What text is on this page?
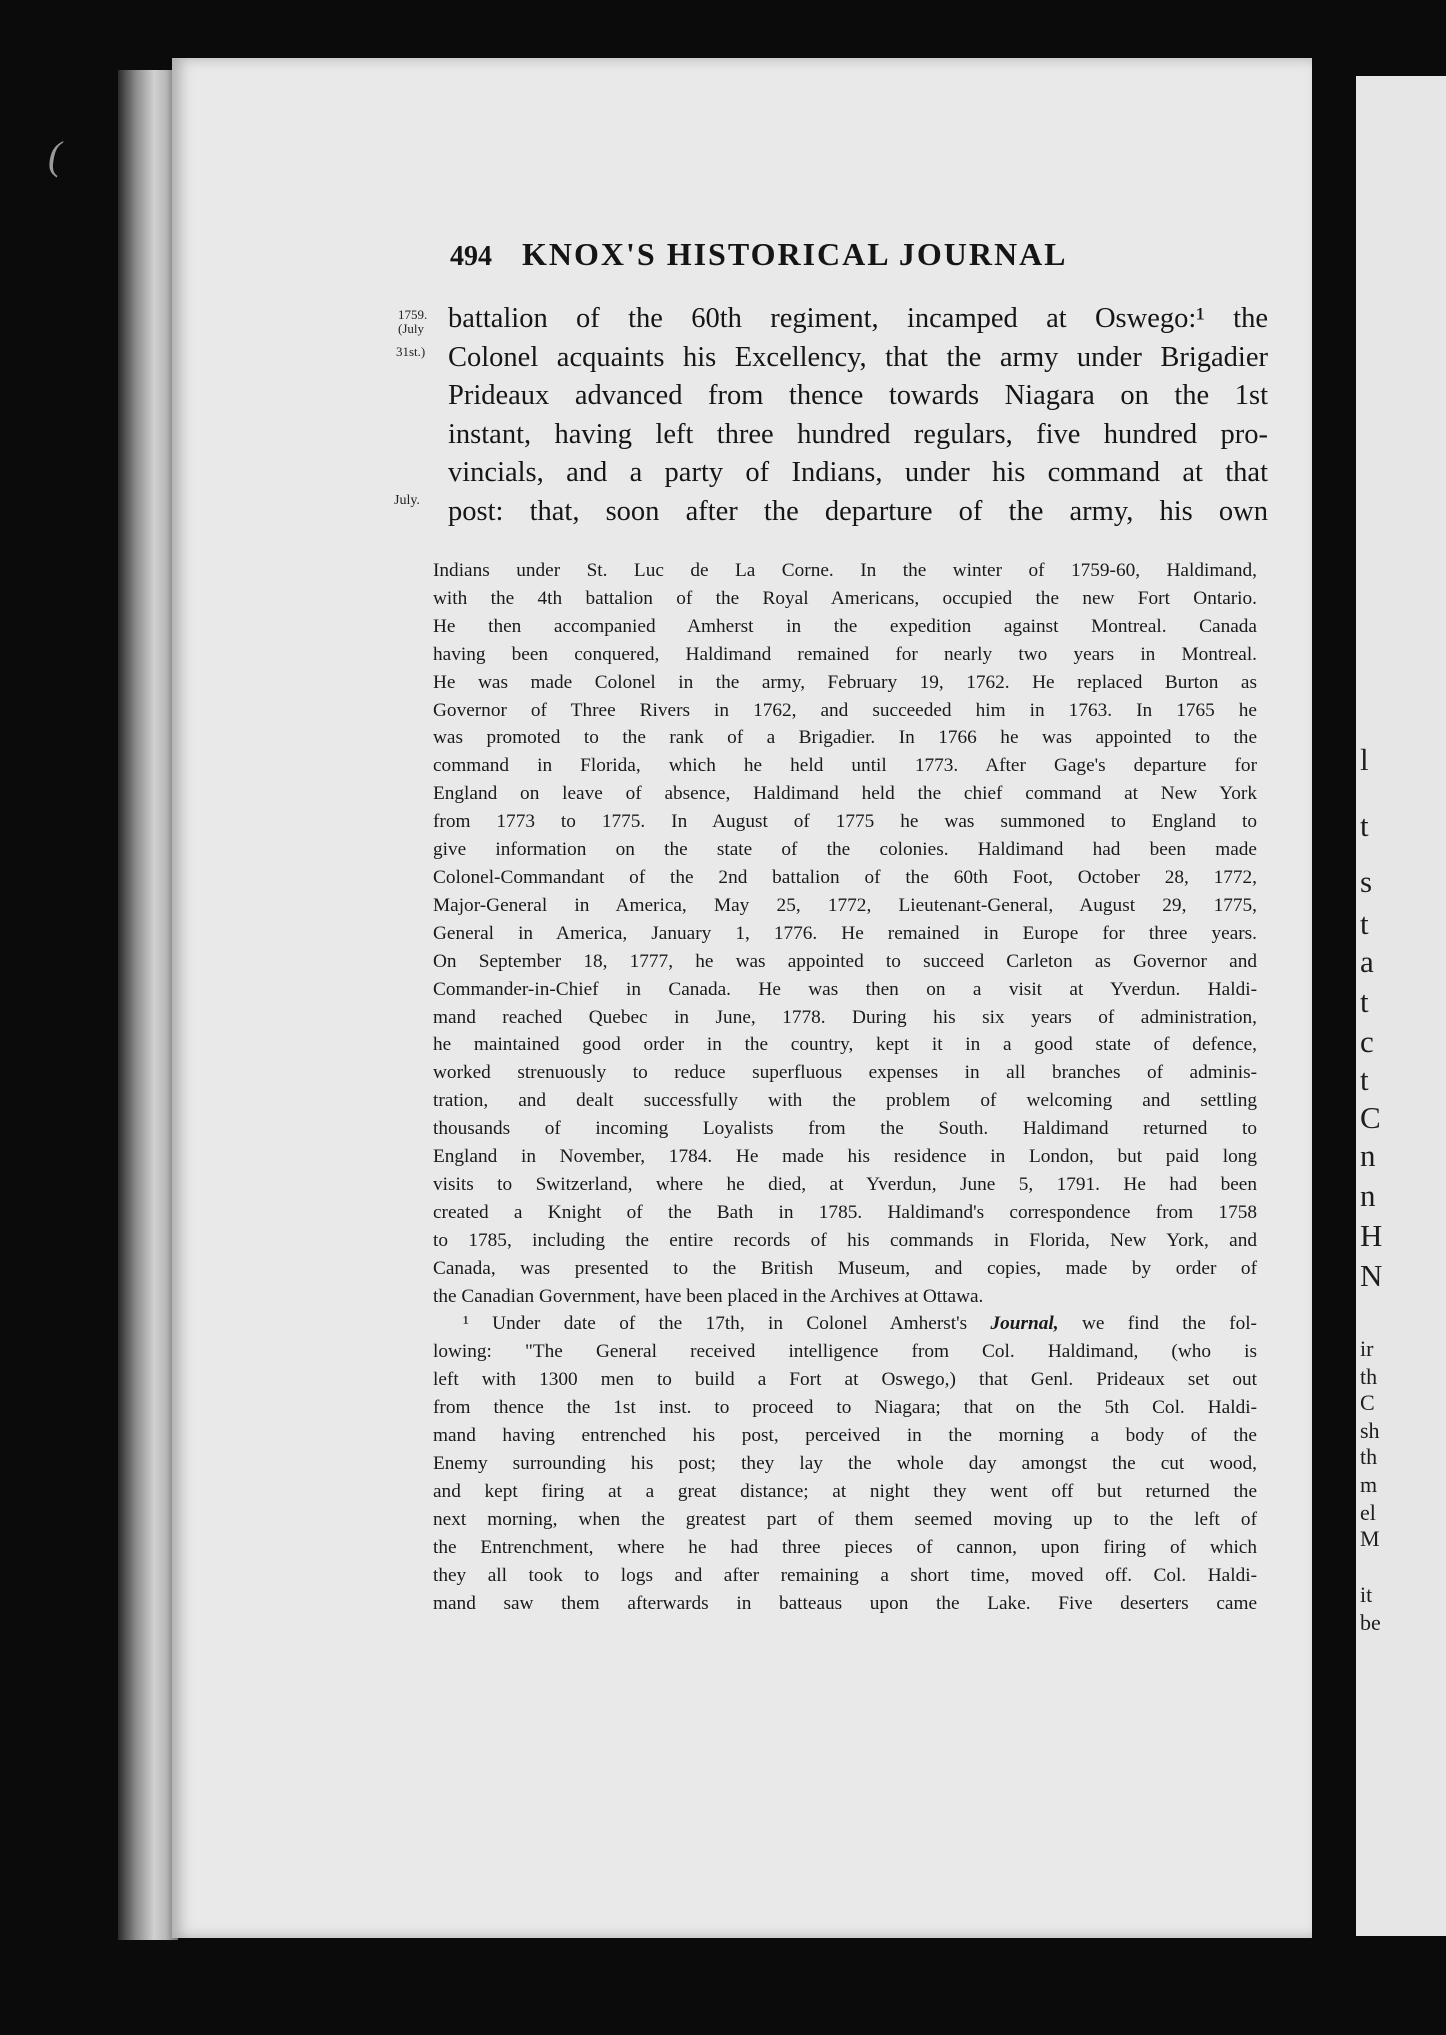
(
l
t
s
t
a
t
c
t
C
n
n
H
N
ir
th
C
sh
th
m
el
M
it
be
494 KNOX'S HISTORICAL JOURNAL
1759.
(July
31st.)
July.
battalion of the 60th regiment, incamped at Oswego:¹ the
Colonel acquaints his Excellency, that the army under Brigadier
Prideaux advanced from thence towards Niagara on the 1st
instant, having left three hundred regulars, five hundred pro-
vincials, and a party of Indians, under his command at that
post: that, soon after the departure of the army, his own
Indians under St. Luc de La Corne. In the winter of 1759-60, Haldimand,
with the 4th battalion of the Royal Americans, occupied the new Fort Ontario.
He then accompanied Amherst in the expedition against Montreal. Canada
having been conquered, Haldimand remained for nearly two years in Montreal.
He was made Colonel in the army, February 19, 1762. He replaced Burton as
Governor of Three Rivers in 1762, and succeeded him in 1763. In 1765 he
was promoted to the rank of a Brigadier. In 1766 he was appointed to the
command in Florida, which he held until 1773. After Gage's departure for
England on leave of absence, Haldimand held the chief command at New York
from 1773 to 1775. In August of 1775 he was summoned to England to
give information on the state of the colonies. Haldimand had been made
Colonel-Commandant of the 2nd battalion of the 60th Foot, October 28, 1772,
Major-General in America, May 25, 1772, Lieutenant-General, August 29, 1775,
General in America, January 1, 1776. He remained in Europe for three years.
On September 18, 1777, he was appointed to succeed Carleton as Governor and
Commander-in-Chief in Canada. He was then on a visit at Yverdun. Haldi-
mand reached Quebec in June, 1778. During his six years of administration,
he maintained good order in the country, kept it in a good state of defence,
worked strenuously to reduce superfluous expenses in all branches of adminis-
tration, and dealt successfully with the problem of welcoming and settling
thousands of incoming Loyalists from the South. Haldimand returned to
England in November, 1784. He made his residence in London, but paid long
visits to Switzerland, where he died, at Yverdun, June 5, 1791. He had been
created a Knight of the Bath in 1785. Haldimand's correspondence from 1758
to 1785, including the entire records of his commands in Florida, New York, and
Canada, was presented to the British Museum, and copies, made by order of
the Canadian Government, have been placed in the Archives at Ottawa.
¹ Under date of the 17th, in Colonel Amherst's Journal, we find the fol-
lowing: "The General received intelligence from Col. Haldimand, (who is
left with 1300 men to build a Fort at Oswego,) that Genl. Prideaux set out
from thence the 1st inst. to proceed to Niagara; that on the 5th Col. Haldi-
mand having entrenched his post, perceived in the morning a body of the
Enemy surrounding his post; they lay the whole day amongst the cut wood,
and kept firing at a great distance; at night they went off but returned the
next morning, when the greatest part of them seemed moving up to the left of
the Entrenchment, where he had three pieces of cannon, upon firing of which
they all took to logs and after remaining a short time, moved off. Col. Haldi-
mand saw them afterwards in batteaus upon the Lake. Five deserters came
